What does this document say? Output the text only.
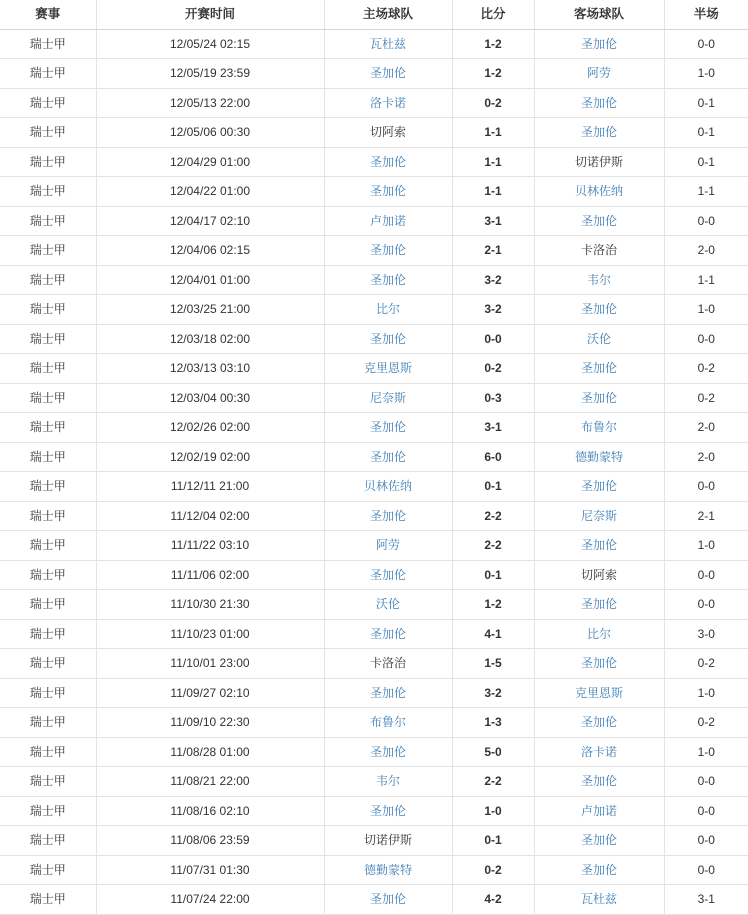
赛事	开赛时间	主场球队	比分	客场球队	半场
瑞士甲	12/05/24 02:15	瓦杜兹	1-2	圣加伦	0-0
瑞士甲	12/05/19 23:59	圣加伦	1-2	阿劳	1-0
瑞士甲	12/05/13 22:00	洛卡诺	0-2	圣加伦	0-1
瑞士甲	12/05/06 00:30	切阿索	1-1	圣加伦	0-1
瑞士甲	12/04/29 01:00	圣加伦	1-1	切诺伊斯	0-1
瑞士甲	12/04/22 01:00	圣加伦	1-1	贝林佐纳	1-1
瑞士甲	12/04/17 02:10	卢加诺	3-1	圣加伦	0-0
瑞士甲	12/04/06 02:15	圣加伦	2-1	卡洛治	2-0
瑞士甲	12/04/01 01:00	圣加伦	3-2	韦尔	1-1
瑞士甲	12/03/25 21:00	比尔	3-2	圣加伦	1-0
瑞士甲	12/03/18 02:00	圣加伦	0-0	沃伦	0-0
瑞士甲	12/03/13 03:10	克里恩斯	0-2	圣加伦	0-2
瑞士甲	12/03/04 00:30	尼奈斯	0-3	圣加伦	0-2
瑞士甲	12/02/26 02:00	圣加伦	3-1	布鲁尔	2-0
瑞士甲	12/02/19 02:00	圣加伦	6-0	德勤蒙特	2-0
瑞士甲	11/12/11 21:00	贝林佐纳	0-1	圣加伦	0-0
瑞士甲	11/12/04 02:00	圣加伦	2-2	尼奈斯	2-1
瑞士甲	11/11/22 03:10	阿劳	2-2	圣加伦	1-0
瑞士甲	11/11/06 02:00	圣加伦	0-1	切阿索	0-0
瑞士甲	11/10/30 21:30	沃伦	1-2	圣加伦	0-0
瑞士甲	11/10/23 01:00	圣加伦	4-1	比尔	3-0
瑞士甲	11/10/01 23:00	卡洛治	1-5	圣加伦	0-2
瑞士甲	11/09/27 02:10	圣加伦	3-2	克里恩斯	1-0
瑞士甲	11/09/10 22:30	布鲁尔	1-3	圣加伦	0-2
瑞士甲	11/08/28 01:00	圣加伦	5-0	洛卡诺	1-0
瑞士甲	11/08/21 22:00	韦尔	2-2	圣加伦	0-0
瑞士甲	11/08/16 02:10	圣加伦	1-0	卢加诺	0-0
瑞士甲	11/08/06 23:59	切诺伊斯	0-1	圣加伦	0-0
瑞士甲	11/07/31 01:30	德勤蒙特	0-2	圣加伦	0-0
瑞士甲	11/07/24 22:00	圣加伦	4-2	瓦杜兹	3-1
